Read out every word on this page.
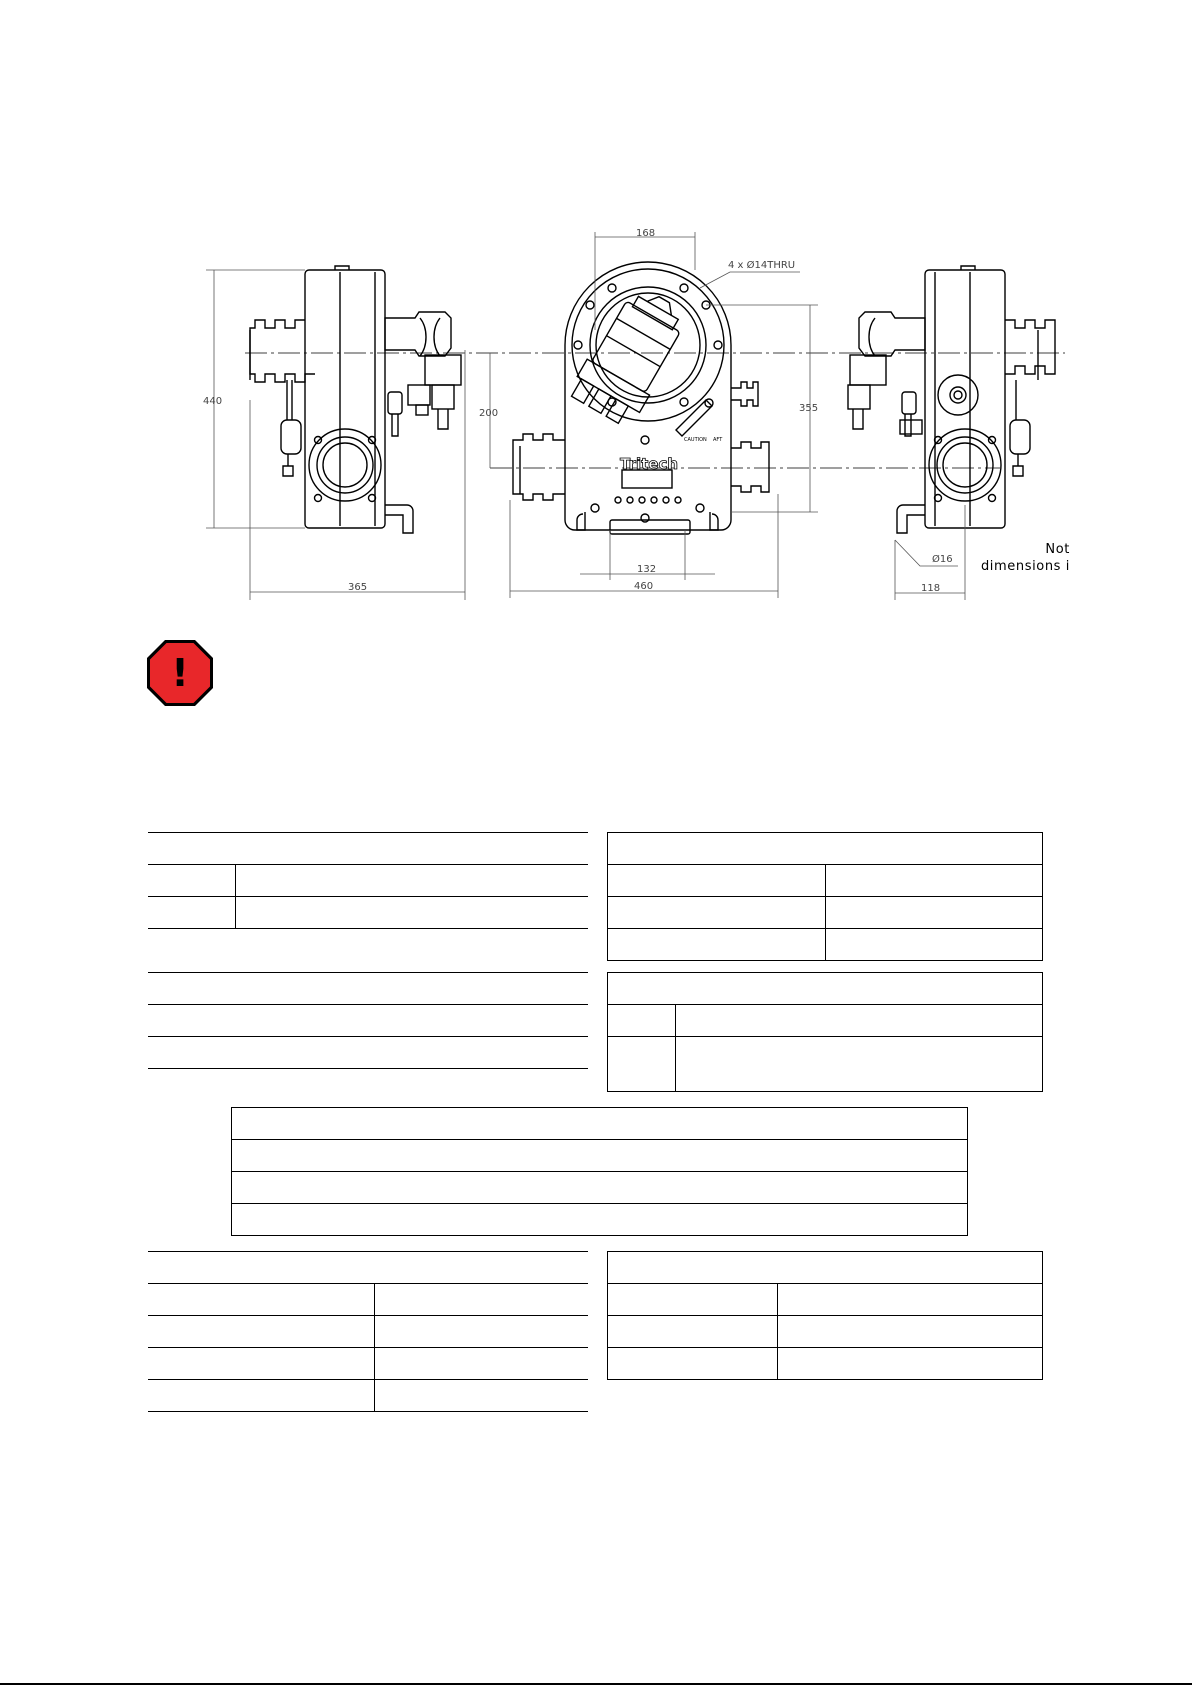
440
365
200
168
4 x Ø14THRU
355
132
460
Ø16
118
Tritech
CAUTION AFT
Not
dimensions i
!
